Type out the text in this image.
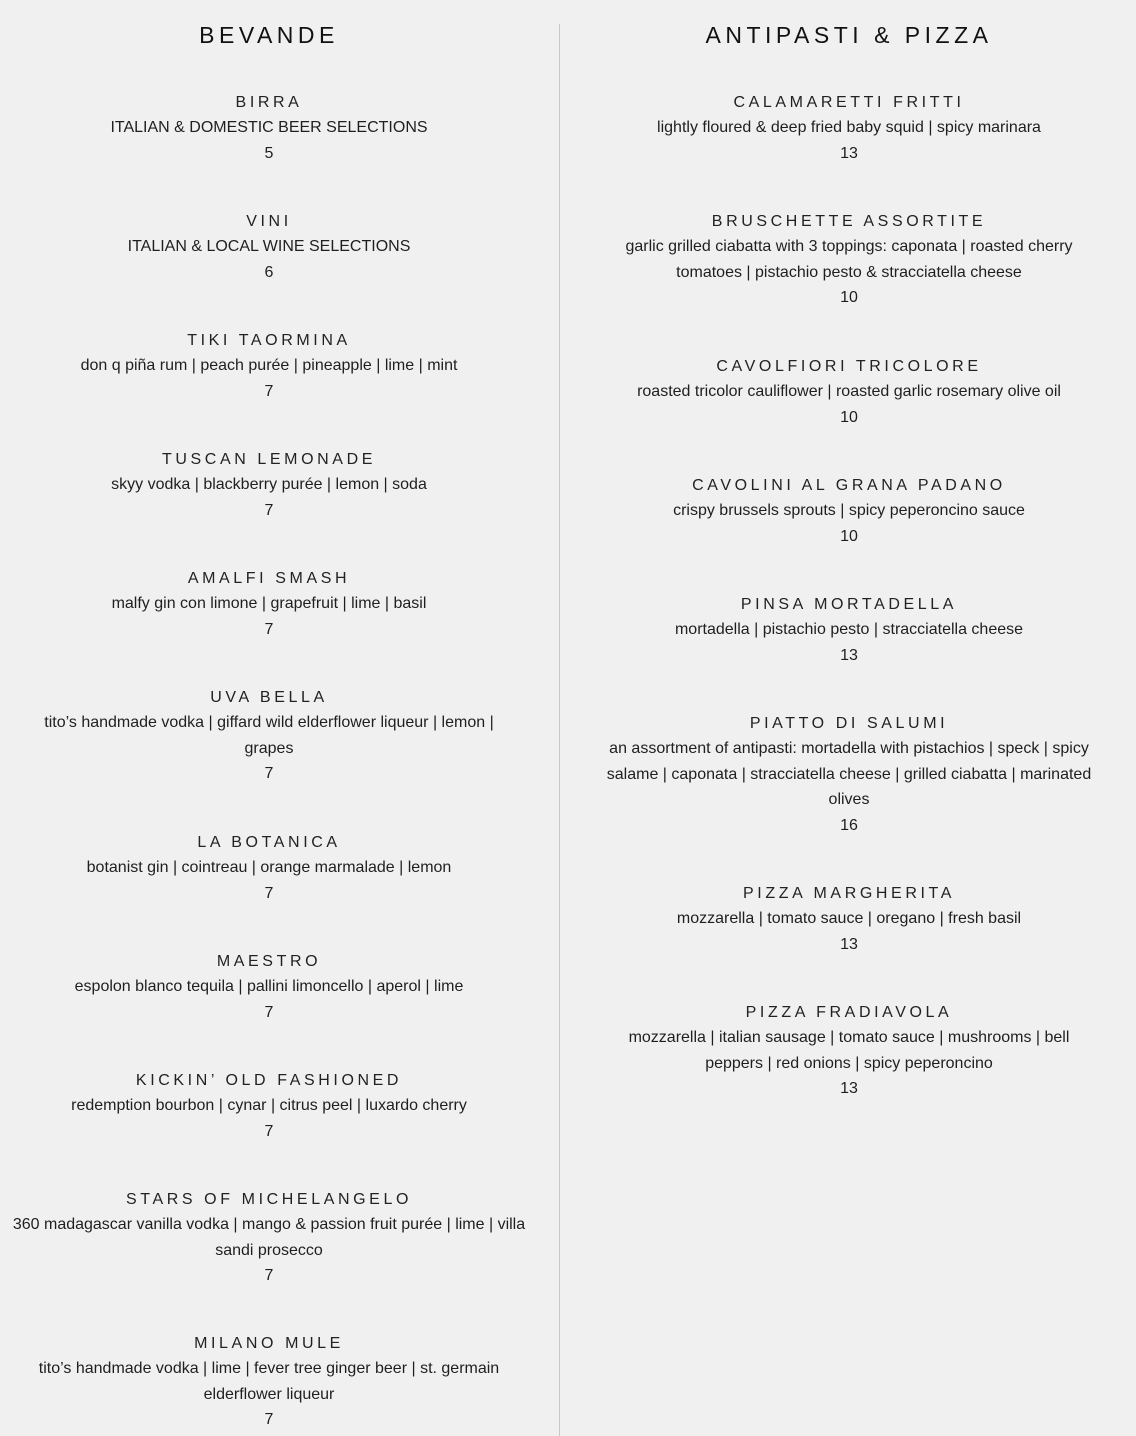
BEVANDE
BIRRA
ITALIAN & DOMESTIC BEER SELECTIONS
5
VINI
ITALIAN & LOCAL WINE SELECTIONS
6
TIKI TAORMINA
don q piña rum | peach purée | pineapple | lime | mint
7
TUSCAN LEMONADE
skyy vodka | blackberry purée | lemon | soda
7
AMALFI SMASH
malfy gin con limone | grapefruit | lime | basil
7
UVA BELLA
tito’s handmade vodka | giffard wild elderflower liqueur | lemon | grapes
7
LA BOTANICA
botanist gin | cointreau | orange marmalade | lemon
7
MAESTRO
espolon blanco tequila | pallini limoncello | aperol | lime
7
KICKIN’ OLD FASHIONED
redemption bourbon | cynar | citrus peel | luxardo cherry
7
STARS OF MICHELANGELO
360 madagascar vanilla vodka | mango & passion fruit purée | lime | villa sandi prosecco
7
MILANO MULE
tito’s handmade vodka | lime | fever tree ginger beer | st. germain elderflower liqueur
7
ANTIPASTI & PIZZA
CALAMARETTI FRITTI
lightly floured & deep fried baby squid | spicy marinara
13
BRUSCHETTE ASSORTITE
garlic grilled ciabatta with 3 toppings: caponata | roasted cherry tomatoes | pistachio pesto & stracciatella cheese
10
CAVOLFIORI TRICOLORE
roasted tricolor cauliflower | roasted garlic rosemary olive oil
10
CAVOLINI AL GRANA PADANO
crispy brussels sprouts | spicy peperoncino sauce
10
PINSA MORTADELLA
mortadella | pistachio pesto | stracciatella cheese
13
PIATTO DI SALUMI
an assortment of antipasti: mortadella with pistachios | speck | spicy salame | caponata | stracciatella cheese | grilled ciabatta | marinated olives
16
PIZZA MARGHERITA
mozzarella | tomato sauce | oregano | fresh basil
13
PIZZA FRADIAVOLA
mozzarella | italian sausage | tomato sauce | mushrooms | bell peppers | red onions | spicy peperoncino
13
